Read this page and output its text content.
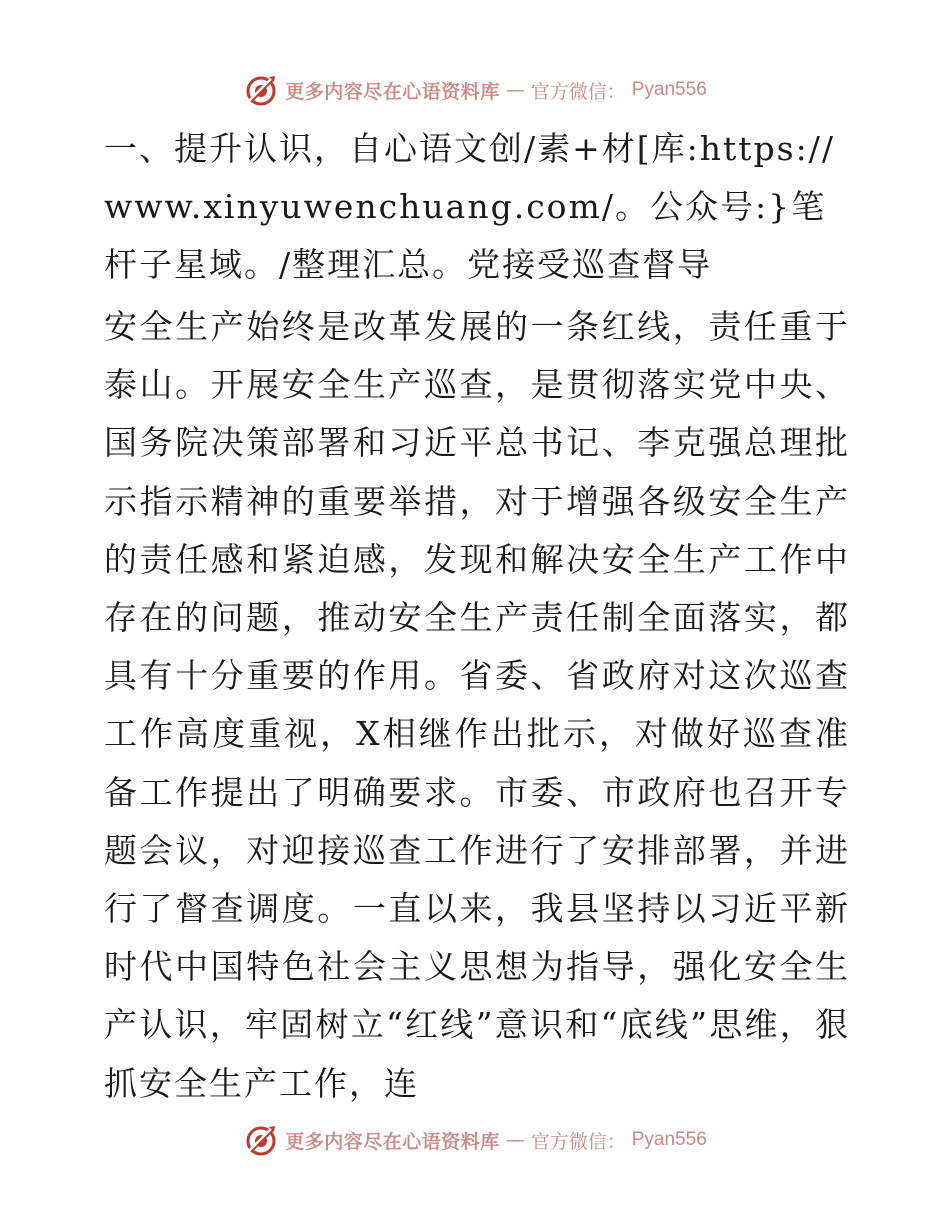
更多内容尽在心语资料库 — 官方微信： Pyan556

一、提升认识，自心语文创/素+材[库:https://www.xinyuwenchuang.com/。公众号:}笔杆子星域。/整理汇总。党接受巡查督导

安全生产始终是改革发展的一条红线，责任重于泰山。开展安全生产巡查，是贯彻落实党中央、国务院决策部署和习近平总书记、李克强总理批示指示精神的重要举措，对于增强各级安全生产的责任感和紧迫感，发现和解决安全生产工作中存在的问题，推动安全生产责任制全面落实，都具有十分重要的作用。省委、省政府对这次巡查工作高度重视，X相继作出批示，对做好巡查准备工作提出了明确要求。市委、市政府也召开专题会议，对迎接巡查工作进行了安排部署，并进行了督查调度。一直以来，我县坚持以习近平新时代中国特色社会主义思想为指导，强化安全生产认识，牢固树立“红线”意识和“底线”思维，狠抓安全生产工作，连

更多内容尽在心语资料库 — 官方微信： Pyan556
